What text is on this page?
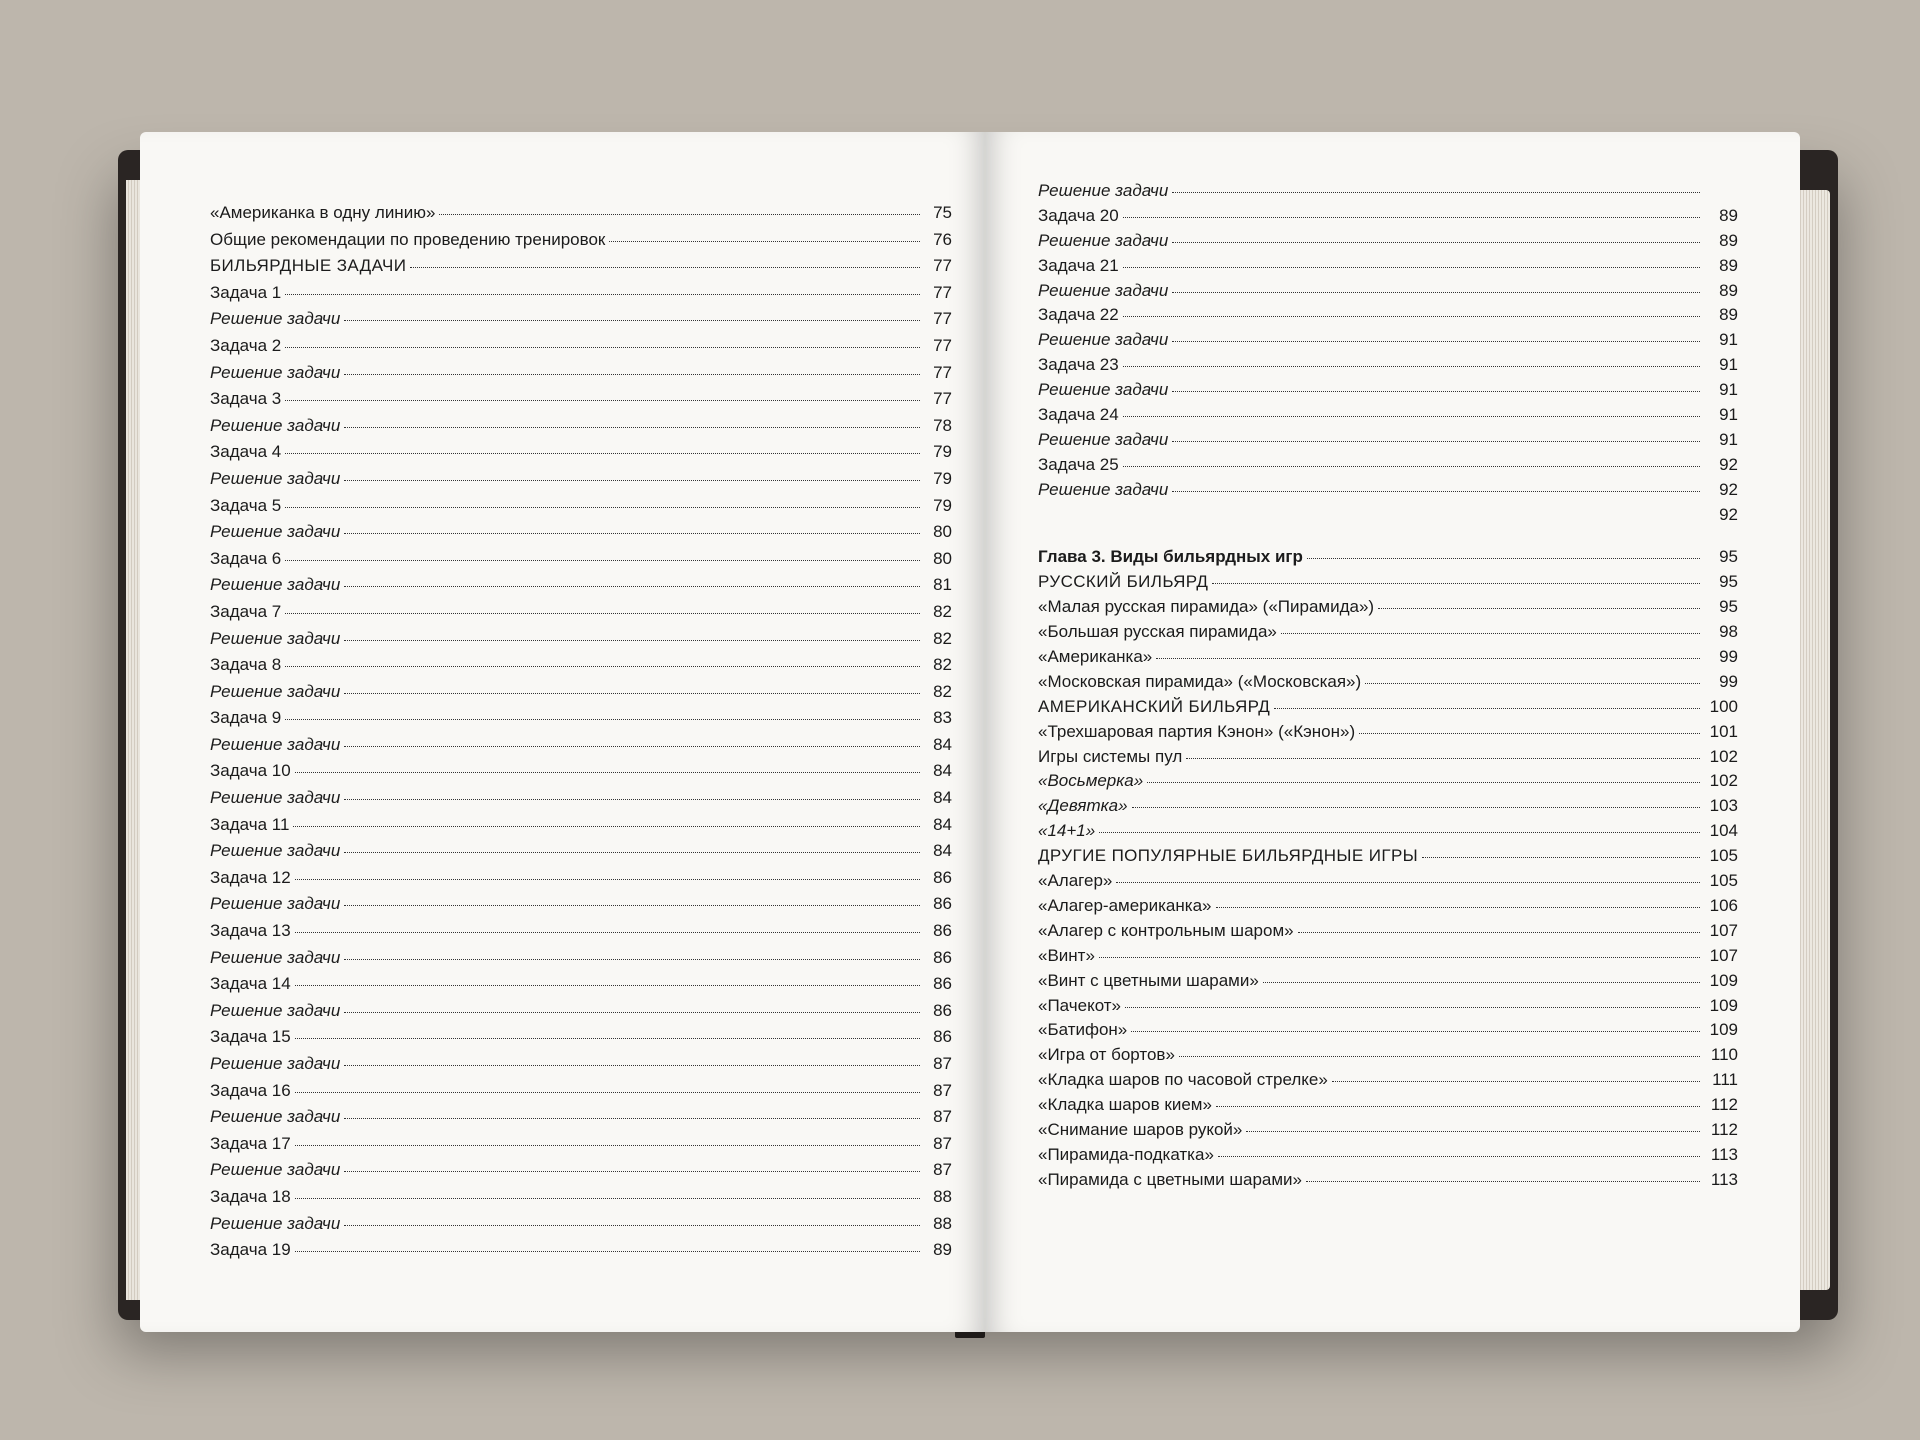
«Американка в одну линию»	75
Общие рекомендации по проведению тренировок	76
БИЛЬЯРДНЫЕ ЗАДАЧИ	77
Задача 1	77
Решение задачи	77
Задача 2	77
Решение задачи	77
Задача 3	77
Решение задачи	78
Задача 4	79
Решение задачи	79
Задача 5	79
Решение задачи	80
Задача 6	80
Решение задачи	81
Задача 7	82
Решение задачи	82
Задача 8	82
Решение задачи	82
Задача 9	83
Решение задачи	84
Задача 10	84
Решение задачи	84
Задача 11	84
Решение задачи	84
Задача 12	86
Решение задачи	86
Задача 13	86
Решение задачи	86
Задача 14	86
Решение задачи	86
Задача 15	86
Решение задачи	87
Задача 16	87
Решение задачи	87
Задача 17	87
Решение задачи	87
Задача 18	88
Решение задачи	88
Задача 19	89
Решение задачи
Задача 20	89
Решение задачи	89
Задача 21	89
Решение задачи	89
Задача 22	89
Решение задачи	91
Задача 23	91
Решение задачи	91
Задача 24	91
Решение задачи	91
Задача 25	92
Решение задачи	92
92
Глава 3. Виды бильярдных игр	95
РУССКИЙ БИЛЬЯРД	95
«Малая русская пирамида» («Пирамида»)	95
«Большая русская пирамида»	98
«Американка»	99
«Московская пирамида» («Московская»)	99
АМЕРИКАНСКИЙ БИЛЬЯРД	100
«Трехшаровая партия Кэнон» («Кэнон»)	101
Игры системы пул	102
«Восьмерка»	102
«Девятка»	103
«14+1»	104
ДРУГИЕ ПОПУЛЯРНЫЕ БИЛЬЯРДНЫЕ ИГРЫ	105
«Алагер»	105
«Алагер-американка»	106
«Алагер с контрольным шаром»	107
«Винт»	107
«Винт с цветными шарами»	109
«Пачекот»	109
«Батифон»	109
«Игра от бортов»	110
«Кладка шаров по часовой стрелке»	111
«Кладка шаров кием»	112
«Снимание шаров рукой»	112
«Пирамида-подкатка»	113
«Пирамида с цветными шарами»	113
